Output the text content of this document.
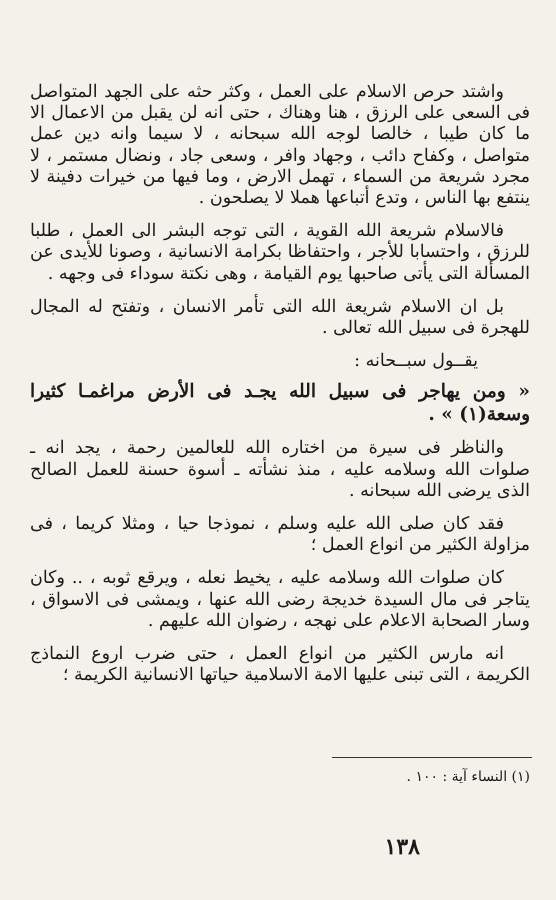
واشتد حرص الاسلام على العمل ، وكثر حثه على الجهد المتواصل فى السعى على الرزق ، هنا وهناك ، حتى انه لن يقبل من الاعمال الا ما كان طيبا ، خالصا لوجه الله سبحانه ، لا سيما وانه دين عمل متواصل ، وكفاح دائب ، وجهاد وافر ، وسعى جاد ، ونضال مستمر ، لا مجرد شريعة من السماء ، تهمل الارض ، وما فيها من خيرات دفينة لا ينتفع بها الناس ، وتدع أتباعها هملا لا يصلحون .

فالاسلام شريعة الله القوية ، التى توجه البشر الى العمل ، طلبا للرزق ، واحتسابا للأجر ، واحتفاظا بكرامة الانسانية ، وصونا للأيدى عن المسألة التى يأتى صاحبها يوم القيامة ، وهى نكتة سوداء فى وجهه .

بل ان الاسلام شريعة الله التى تأمر الانسان ، وتفتح له المجال للهجرة فى سبيل الله تعالى .

يقــول سبــحانه :

« ومن يهاجر فى سبيل الله يجـد فى الأرض مراغمـا كثيرا وسعة(١) » .

والناظر فى سيرة من اختاره الله للعالمين رحمة ، يجد انه ـ صلوات الله وسلامه عليه ، منذ نشأته ـ أسوة حسنة للعمل الصالح الذى يرضى الله سبحانه .

فقد كان صلى الله عليه وسلم ، نموذجا حيا ، ومثلا كريما ، فى مزاولة الكثير من انواع العمل ؛

كان صلوات الله وسلامه عليه ، يخيط نعله ، ويرقع ثوبه ، .. وكان يتاجر فى مال السيدة خديجة رضى الله عنها ، ويمشى فى الاسواق ، وسار الصحابة الاعلام على نهجه ، رضوان الله عليهم .

انه مارس الكثير من انواع العمل ، حتى ضرب اروع النماذج الكريمة ، التى تبنى عليها الامة الاسلامية حياتها الانسانية الكريمة ؛

(١) النساء آية : ١٠٠ .
١٣٨
